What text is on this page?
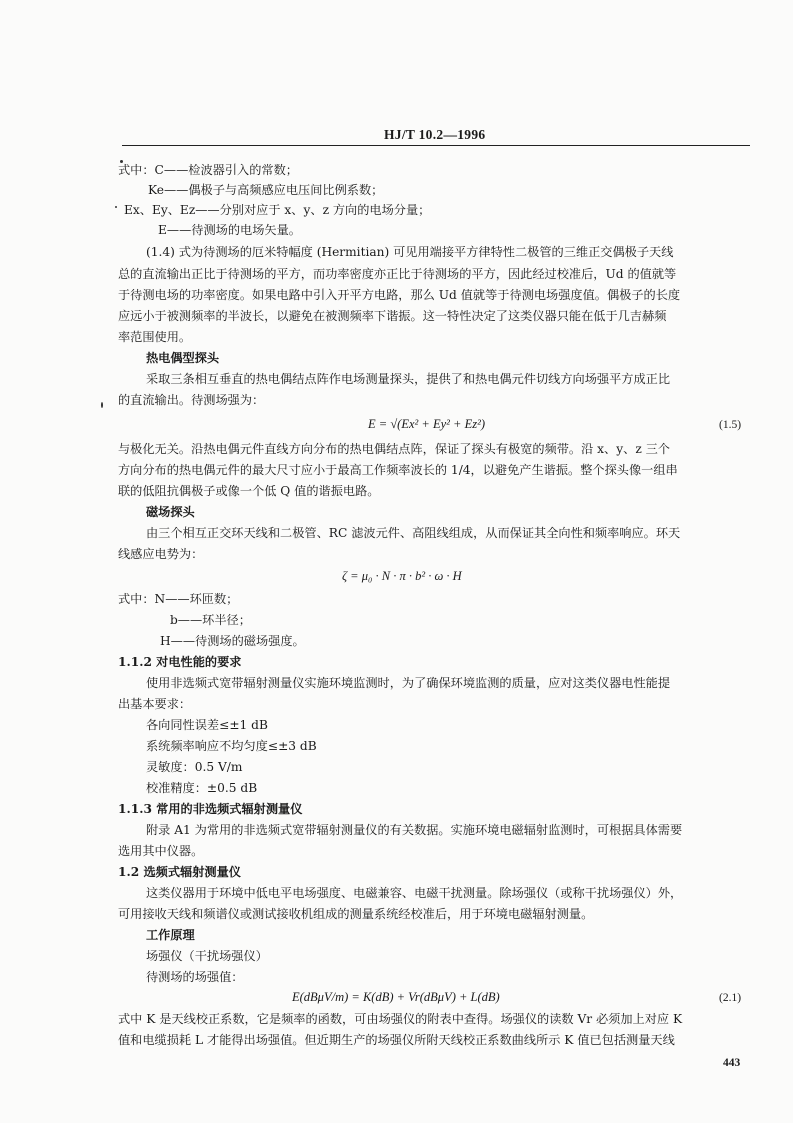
HJ/T 10.2—1996
式中：C——检波器引入的常数；
Ke——偶极子与高频感应电压间比例系数；
Ex、Ey、Ez——分别对应于 x、y、z 方向的电场分量；
E——待测场的电场矢量。
(1.4) 式为待测场的厄米特幅度 (Hermitian) 可见用端接平方律特性二极管的三维正交偶极子天线
总的直流输出正比于待测场的平方，而功率密度亦正比于待测场的平方，因此经过校准后，Ud 的值就等
于待测电场的功率密度。如果电路中引入开平方电路，那么 Ud 值就等于待测电场强度值。偶极子的长度
应远小于被测频率的半波长，以避免在被测频率下谐振。这一特性决定了这类仪器只能在低于几吉赫频
率范围使用。
热电偶型探头
采取三条相互垂直的热电偶结点阵作电场测量探头，提供了和热电偶元件切线方向场强平方成正比
的直流输出。待测场强为：
E = √(Ex² + Ey² + Ez²)	(1.5)
与极化无关。沿热电偶元件直线方向分布的热电偶结点阵，保证了探头有极宽的频带。沿 x、y、z 三个
方向分布的热电偶元件的最大尺寸应小于最高工作频率波长的 1/4，以避免产生谐振。整个探头像一组串
联的低阻抗偶极子或像一个低 Q 值的谐振电路。
磁场探头
由三个相互正交环天线和二极管、RC 滤波元件、高阻线组成，从而保证其全向性和频率响应。环天
线感应电势为：
ζ = μ₀ · N · π · b² · ω · H
式中：N——环匝数；
b——环半径；
H——待测场的磁场强度。
1.1.2 对电性能的要求
使用非选频式宽带辐射测量仪实施环境监测时，为了确保环境监测的质量，应对这类仪器电性能提
出基本要求：
各向同性误差≤±1 dB
系统频率响应不均匀度≤±3 dB
灵敏度：0.5 V/m
校准精度：±0.5 dB
1.1.3 常用的非选频式辐射测量仪
附录 A1 为常用的非选频式宽带辐射测量仪的有关数据。实施环境电磁辐射监测时，可根据具体需要
选用其中仪器。
1.2 选频式辐射测量仪
这类仪器用于环境中低电平电场强度、电磁兼容、电磁干扰测量。除场强仪（或称干扰场强仪）外，
可用接收天线和频谱仪或测试接收机组成的测量系统经校准后，用于环境电磁辐射测量。
工作原理
场强仪（干扰场强仪）
待测场的场强值：
E(dBμV/m) = K(dB) + Vr(dBμV) + L(dB)	(2.1)
式中 K 是天线校正系数，它是频率的函数，可由场强仪的附表中查得。场强仪的读数 Vr 必须加上对应 K
值和电缆损耗 L 才能得出场强值。但近期生产的场强仪所附天线校正系数曲线所示 K 值已包括测量天线
443
